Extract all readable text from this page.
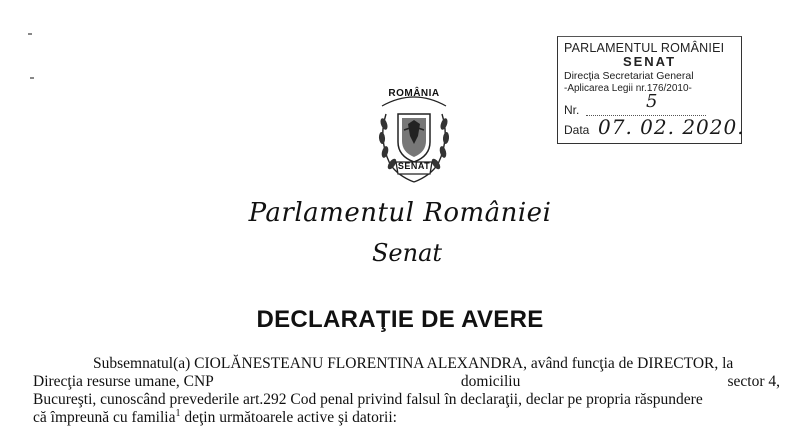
PARLAMENTUL ROMÂNIEI
SENAT
Direcţia Secretariat General
-Aplicarea Legii nr.176/2010-
Nr.	5
Data 07. 02. 2020.
ROMÂNIA
SENAT
Parlamentul României
Senat
DECLARAŢIE DE AVERE
Subsemnatul(a) CIOLĂNESTEANU FLORENTINA ALEXANDRA, având funcţia de DIRECTOR, la
Direcţia resurse umane, CNP	domiciliu	sector 4,
Bucureşti, cunoscând prevederile art.292 Cod penal privind falsul în declaraţii, declar pe propria răspundere
că împreună cu familia$^1$ deţin următoarele active şi datorii:
